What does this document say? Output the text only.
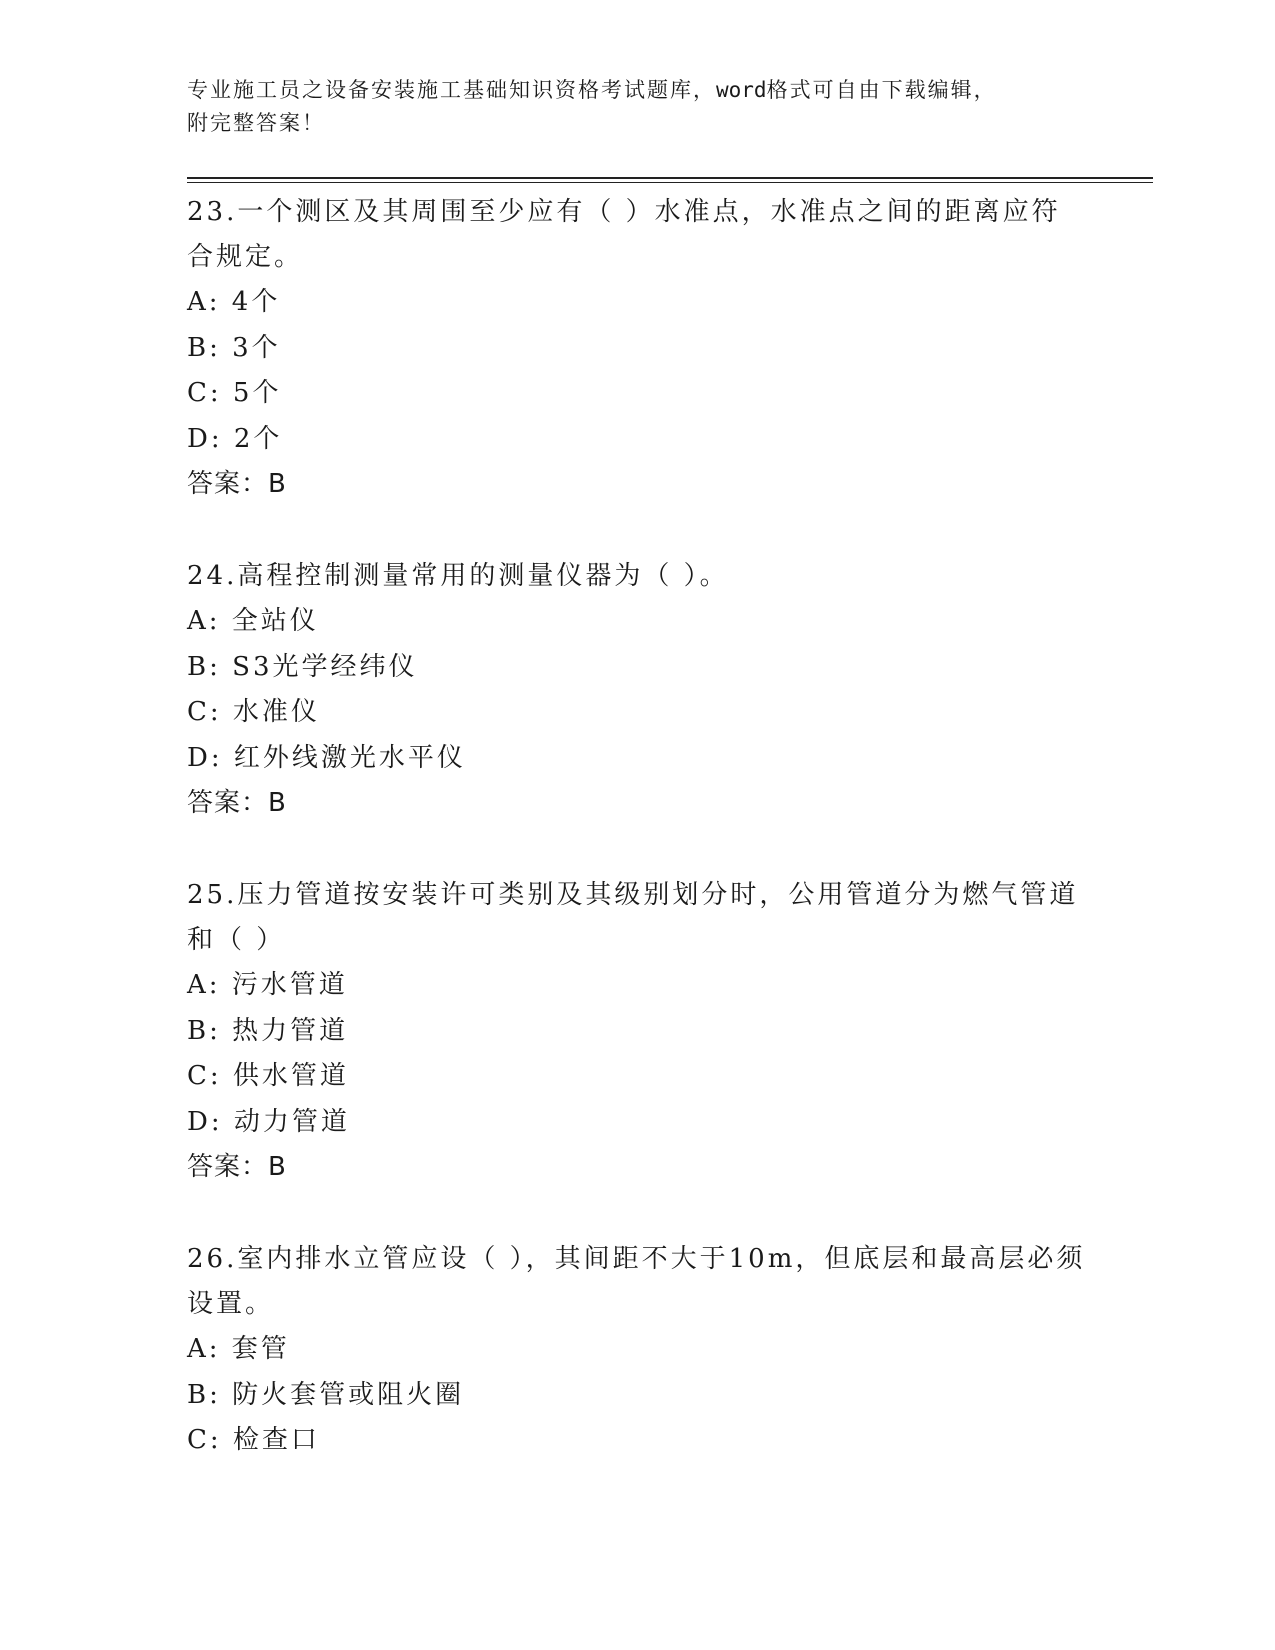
专业施工员之设备安装施工基础知识资格考试题库，word格式可自由下载编辑，
附完整答案！
23.一个测区及其周围至少应有（ ）水准点，水准点之间的距离应符合规定。
A: 4个
B: 3个
C: 5个
D: 2个
答案：B
24.高程控制测量常用的测量仪器为（ ）。
A: 全站仪
B: S3光学经纬仪
C: 水准仪
D: 红外线激光水平仪
答案：B
25.压力管道按安装许可类别及其级别划分时，公用管道分为燃气管道和（ ）
A: 污水管道
B: 热力管道
C: 供水管道
D: 动力管道
答案：B
26.室内排水立管应设（ ），其间距不大于10m，但底层和最高层必须设置。
A: 套管
B: 防火套管或阻火圈
C: 检查口
